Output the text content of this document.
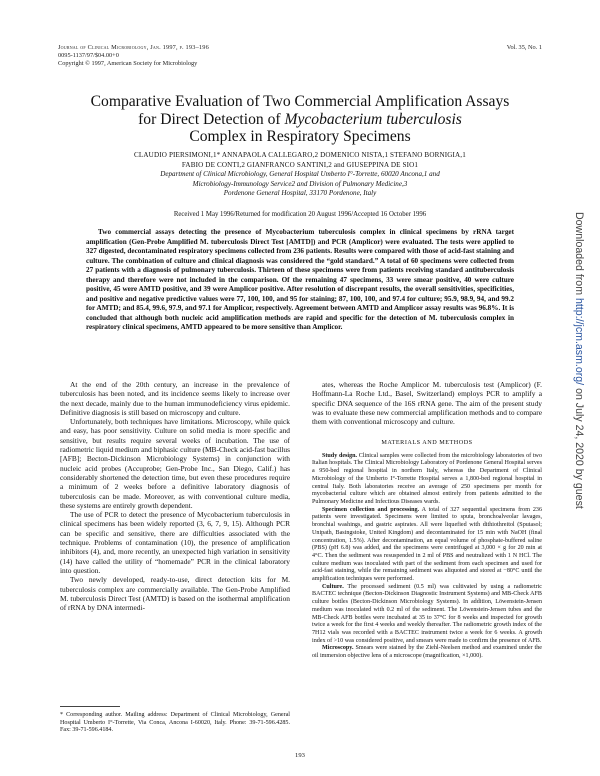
Journal of Clinical Microbiology, Jan. 1997, p. 193–196
0095-1137/97/$04.00+0
Copyright © 1997, American Society for Microbiology
Vol. 35, No. 1
Comparative Evaluation of Two Commercial Amplification Assays
for Direct Detection of Mycobacterium tuberculosis
Complex in Respiratory Specimens
CLAUDIO PIERSIMONI,1* ANNAPAOLA CALLEGARO,2 DOMENICO NISTA,1 STEFANO BORNIGIA,1
FABIO DE CONTI,2 GIANFRANCO SANTINI,2 and GIUSEPPINA DE SIO1
Department of Clinical Microbiology, General Hospital Umberto I°-Torrette, 60020 Ancona,1 and
Microbiology-Immunology Service2 and Division of Pulmonary Medicine,3
Pordenone General Hospital, 33170 Pordenone, Italy
Received 1 May 1996/Returned for modification 20 August 1996/Accepted 16 October 1996
Two commercial assays detecting the presence of Mycobacterium tuberculosis complex in clinical specimens by rRNA target amplification (Gen-Probe Amplified M. tuberculosis Direct Test [AMTD]) and PCR (Amplicor) were evaluated. The tests were applied to 327 digested, decontaminated respiratory specimens collected from 236 patients. Results were compared with those of acid-fast staining and culture. The combination of culture and clinical diagnosis was considered the “gold standard.” A total of 60 specimens were collected from 27 patients with a diagnosis of pulmonary tuberculosis. Thirteen of these specimens were from patients receiving standard antituberculosis therapy and therefore were not included in the comparison. Of the remaining 47 specimens, 33 were smear positive, 40 were culture positive, 45 were AMTD positive, and 39 were Amplicor positive. After resolution of discrepant results, the overall sensitivities, specificities, and positive and negative predictive values were 77, 100, 100, and 95 for staining; 87, 100, 100, and 97.4 for culture; 95.9, 98.9, 94, and 99.2 for AMTD; and 85.4, 99.6, 97.9, and 97.1 for Amplicor, respectively. Agreement between AMTD and Amplicor assay results was 96.8%. It is concluded that although both nucleic acid amplification methods are rapid and specific for the detection of M. tuberculosis complex in respiratory clinical specimens, AMTD appeared to be more sensitive than Amplicor.

At the end of the 20th century, an increase in the prevalence of tuberculosis has been noted, and its incidence seems likely to increase over the next decade, mainly due to the human immunodeficiency virus epidemic. Definitive diagnosis is still based on microscopy and culture.

Unfortunately, both techniques have limitations. Microscopy, while quick and easy, has poor sensitivity. Culture on solid media is more specific and sensitive, but results require several weeks of incubation. The use of radiometric liquid medium and biphasic culture (MB-Check acid-fast bacillus [AFB]; Becton-Dickinson Microbiology Systems) in conjunction with nucleic acid probes (Accuprobe; Gen-Probe Inc., San Diego, Calif.) has considerably shortened the detection time, but even these procedures require a minimum of 2 weeks before a definitive laboratory diagnosis of tuberculosis can be made. Moreover, as with conventional culture media, these systems are entirely growth dependent.

The use of PCR to detect the presence of Mycobacterium tuberculosis in clinical specimens has been widely reported (3, 6, 7, 9, 15). Although PCR can be specific and sensitive, there are difficulties associated with the technique. Problems of contamination (10), the presence of amplification inhibitors (4), and, more recently, an unexpected high variation in sensitivity (14) have called the utility of “homemade” PCR in the clinical laboratory into question.

Two newly developed, ready-to-use, direct detection kits for M. tuberculosis complex are commercially available. The Gen-Probe Amplified M. tuberculosis Direct Test (AMTD) is based on the isothermal amplification of rRNA by DNA intermedi-

ates, whereas the Roche Amplicor M. tuberculosis test (Amplicor) (F. Hoffmann-La Roche Ltd., Basel, Switzerland) employs PCR to amplify a specific DNA sequence of the 16S rRNA gene. The aim of the present study was to evaluate these new commercial amplification methods and to compare them with conventional microscopy and culture.

MATERIALS AND METHODS

Study design. Clinical samples were collected from the microbiology laboratories of two Italian hospitals. The Clinical Microbiology Laboratory of Pordenone General Hospital serves a 950-bed regional hospital in northern Italy, whereas the Department of Clinical Microbiology of the Umberto I°-Torrette Hospital serves a 1,800-bed regional hospital in central Italy. Both laboratories receive an average of 250 specimens per month for mycobacterial culture which are obtained almost entirely from patients admitted to the Pulmonary Medicine and Infectious Diseases wards.

Specimen collection and processing. A total of 327 sequential specimens from 236 patients were investigated. Specimens were limited to sputa, bronchoalveolar lavages, bronchial washings, and gastric aspirates. All were liquefied with dithiothreitol (Sputasol; Unipath, Basingstoke, United Kingdom) and decontaminated for 15 min with NaOH (final concentration, 1.5%). After decontamination, an equal volume of phosphate-buffered saline (PBS) (pH 6.8) was added, and the specimens were centrifuged at 3,000 × g for 20 min at 4°C. Then the sediment was resuspended in 2 ml of PBS and neutralized with 1 N HCl. The culture medium was inoculated with part of the sediment from each specimen and used for acid-fast staining, while the remaining sediment was aliquoted and stored at −80°C until the amplification techniques were performed.

Culture. The processed sediment (0.5 ml) was cultivated by using a radiometric BACTEC technique (Becton-Dickinson Diagnostic Instrument Systems) and MB-Check AFB culture bottles (Becton-Dickinson Microbiology Systems). In addition, Löwenstein-Jensen medium was inoculated with 0.2 ml of the sediment. The Löwenstein-Jensen tubes and the MB-Check AFB bottles were incubated at 35 to 37°C for 8 weeks and inspected for growth twice a week for the first 4 weeks and weekly thereafter. The radiometric growth index of the 7H12 vials was recorded with a BACTEC instrument twice a week for 6 weeks. A growth index of >10 was considered positive, and smears were made to confirm the presence of AFB.

Microscopy. Smears were stained by the Ziehl-Neelsen method and examined under the oil immersion objective lens of a microscope (magnification, ×1,000).

* Corresponding author. Mailing address: Department of Clinical Microbiology, General Hospital Umberto I°-Torrette, Via Conca, Ancona I-60020, Italy. Phone: 39-71-596.4285. Fax: 39-71-596.4184.
193
Downloaded from http://jcm.asm.org/ on July 24, 2020 by guest
